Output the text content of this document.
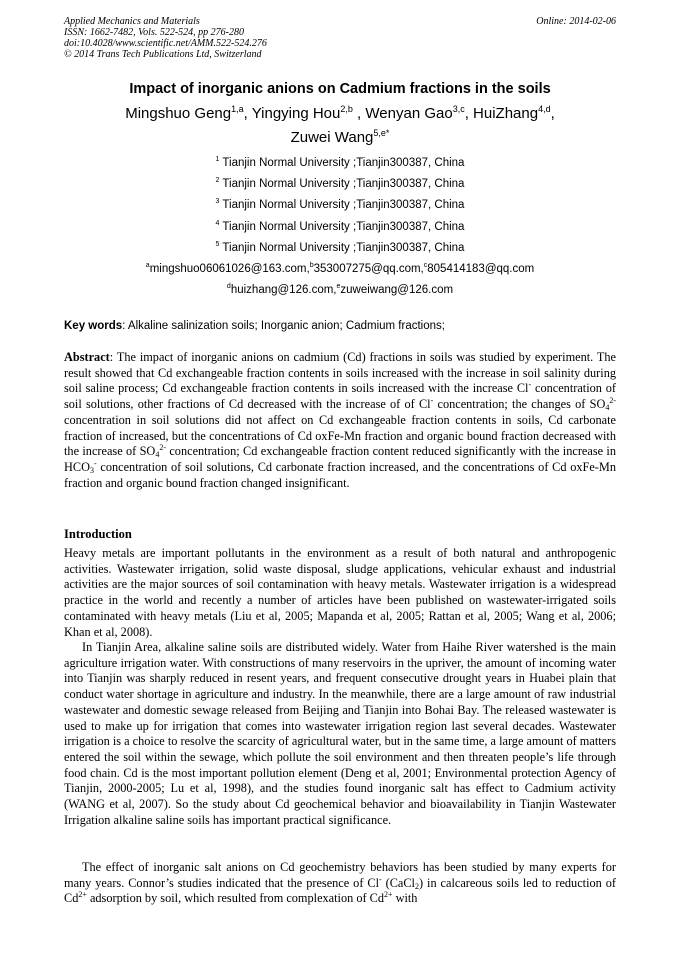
Applied Mechanics and Materials
ISSN: 1662-7482, Vols. 522-524, pp 276-280
doi:10.4028/www.scientific.net/AMM.522-524.276
© 2014 Trans Tech Publications Ltd, Switzerland
Online: 2014-02-06
Impact of inorganic anions on Cadmium fractions in the soils
Mingshuo Geng$^{1,a}$, Yingying Hou$^{2,b}$ , Wenyan Gao$^{3,c}$, HuiZhang$^{4,d}$,
Zuwei Wang$^{5,e*}$
$^1$ Tianjin Normal University ;Tianjin300387, China
$^2$ Tianjin Normal University ;Tianjin300387, China
$^3$ Tianjin Normal University ;Tianjin300387, China
$^4$ Tianjin Normal University ;Tianjin300387, China
$^5$ Tianjin Normal University ;Tianjin300387, China
$^a$mingshuo06061026@163.com,$^b$353007275@qq.com,$^c$805414183@qq.com
$^d$huizhang@126.com,$^e$zuweiwang@126.com
Key words: Alkaline salinization soils; Inorganic anion; Cadmium fractions;
Abstract: The impact of inorganic anions on cadmium (Cd) fractions in soils was studied by experiment. The result showed that Cd exchangeable fraction contents in soils increased with the increase in soil salinity during soil saline process; Cd exchangeable fraction contents in soils increased with the increase Cl- concentration of soil solutions, other fractions of Cd decreased with the increase of of Cl- concentration; the changes of $SO_4^{2-}$ concentration in soil solutions did not affect on Cd exchangeable fraction contents in soils, Cd carbonate fraction of increased, but the concentrations of Cd oxFe-Mn fraction and organic bound fraction decreased with the increase of $SO_4^{2-}$ concentration; Cd exchangeable fraction content reduced significantly with the increase in $HCO_3^-$ concentration of soil solutions, Cd carbonate fraction increased, and the concentrations of Cd oxFe-Mn fraction and organic bound fraction changed insignificant.
Introduction
Heavy metals are important pollutants in the environment as a result of both natural and anthropogenic activities. Wastewater irrigation, solid waste disposal, sludge applications, vehicular exhaust and industrial activities are the major sources of soil contamination with heavy metals. Wastewater irrigation is a widespread practice in the world and recently a number of articles have been published on wastewater-irrigated soils contaminated with heavy metals (Liu et al, 2005; Mapanda et al, 2005; Rattan et al, 2005; Wang et al, 2006; Khan et al, 2008).
In Tianjin Area, alkaline saline soils are distributed widely. Water from Haihe River watershed is the main agriculture irrigation water. With constructions of many reservoirs in the upriver, the amount of incoming water into Tianjin was sharply reduced in resent years, and frequent consecutive drought years in Huabei plain that conduct water shortage in agriculture and industry. In the meanwhile, there are a large amount of raw industrial wastewater and domestic sewage released from Beijing and Tianjin into Bohai Bay. The released wastewater is used to make up for irrigation that comes into wastewater irrigation region last several decades. Wastewater irrigation is a choice to resolve the scarcity of agricultural water, but in the same time, a large amount of matters entered the soil within the sewage, which pollute the soil environment and then threaten people’s life through food chain. Cd is the most important pollution element (Deng et al, 2001; Environmental protection Agency of Tianjin, 2000-2005; Lu et al, 1998), and the studies found inorganic salt has effect to Cadmium activity (WANG et al, 2007). So the study about Cd geochemical behavior and bioavailability in Tianjin Wastewater Irrigation alkaline saline soils has important practical significance.
The effect of inorganic salt anions on Cd geochemistry behaviors has been studied by many experts for many years. Connor’s studies indicated that the presence of Cl- (CaCl$_2$) in calcareous soils led to reduction of $Cd^{2+}$ adsorption by soil, which resulted from complexation of $Cd^{2+}$ with
